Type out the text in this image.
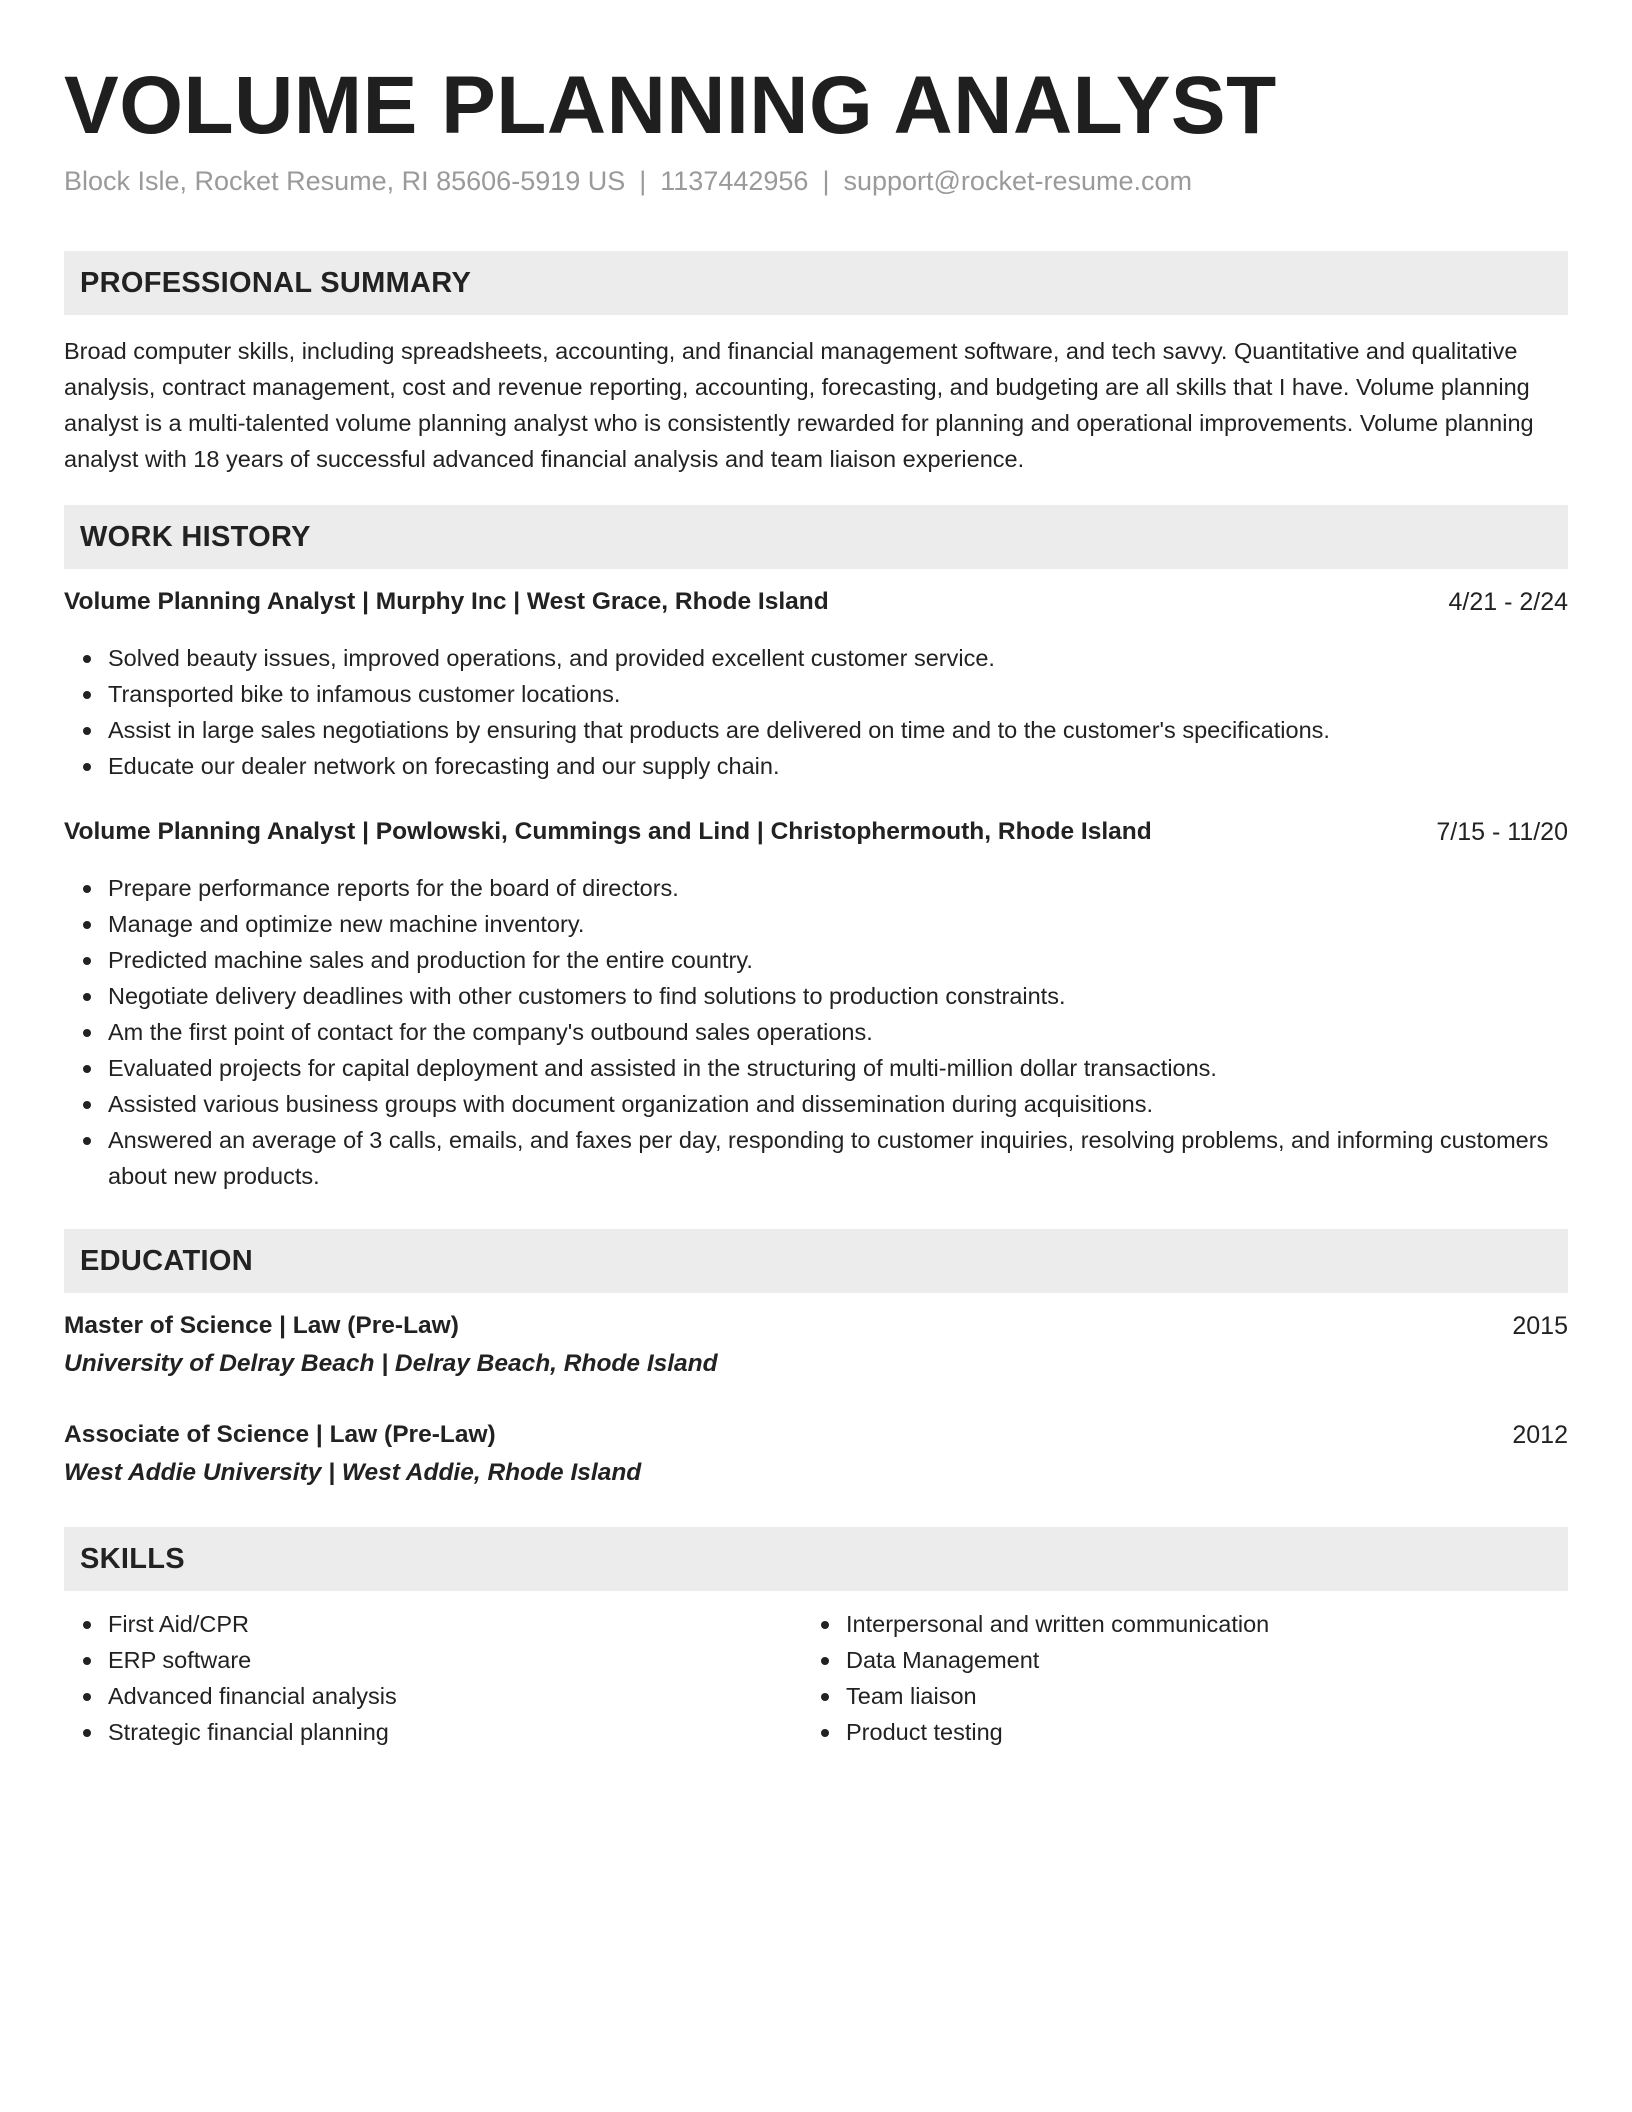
VOLUME PLANNING ANALYST
Block Isle, Rocket Resume, RI 85606-5919 US | 1137442956 | support@rocket-resume.com
PROFESSIONAL SUMMARY

Broad computer skills, including spreadsheets, accounting, and financial management software, and tech savvy. Quantitative and qualitative analysis, contract management, cost and revenue reporting, accounting, forecasting, and budgeting are all skills that I have. Volume planning analyst is a multi-talented volume planning analyst who is consistently rewarded for planning and operational improvements. Volume planning analyst with 18 years of successful advanced financial analysis and team liaison experience.

WORK HISTORY
Volume Planning Analyst | Murphy Inc | West Grace, Rhode Island	4/21 - 2/24
Solved beauty issues, improved operations, and provided excellent customer service.
Transported bike to infamous customer locations.
Assist in large sales negotiations by ensuring that products are delivered on time and to the customer's specifications.
Educate our dealer network on forecasting and our supply chain.
Volume Planning Analyst | Powlowski, Cummings and Lind | Christophermouth, Rhode Island	7/15 - 11/20
Prepare performance reports for the board of directors.
Manage and optimize new machine inventory.
Predicted machine sales and production for the entire country.
Negotiate delivery deadlines with other customers to find solutions to production constraints.
Am the first point of contact for the company's outbound sales operations.
Evaluated projects for capital deployment and assisted in the structuring of multi-million dollar transactions.
Assisted various business groups with document organization and dissemination during acquisitions.
Answered an average of 3 calls, emails, and faxes per day, responding to customer inquiries, resolving problems, and informing customers about new products.
EDUCATION
Master of Science | Law (Pre-Law)	2015
University of Delray Beach | Delray Beach, Rhode Island
Associate of Science | Law (Pre-Law)	2012
West Addie University | West Addie, Rhode Island
SKILLS
First Aid/CPR
ERP software
Advanced financial analysis
Strategic financial planning
Interpersonal and written communication
Data Management
Team liaison
Product testing
